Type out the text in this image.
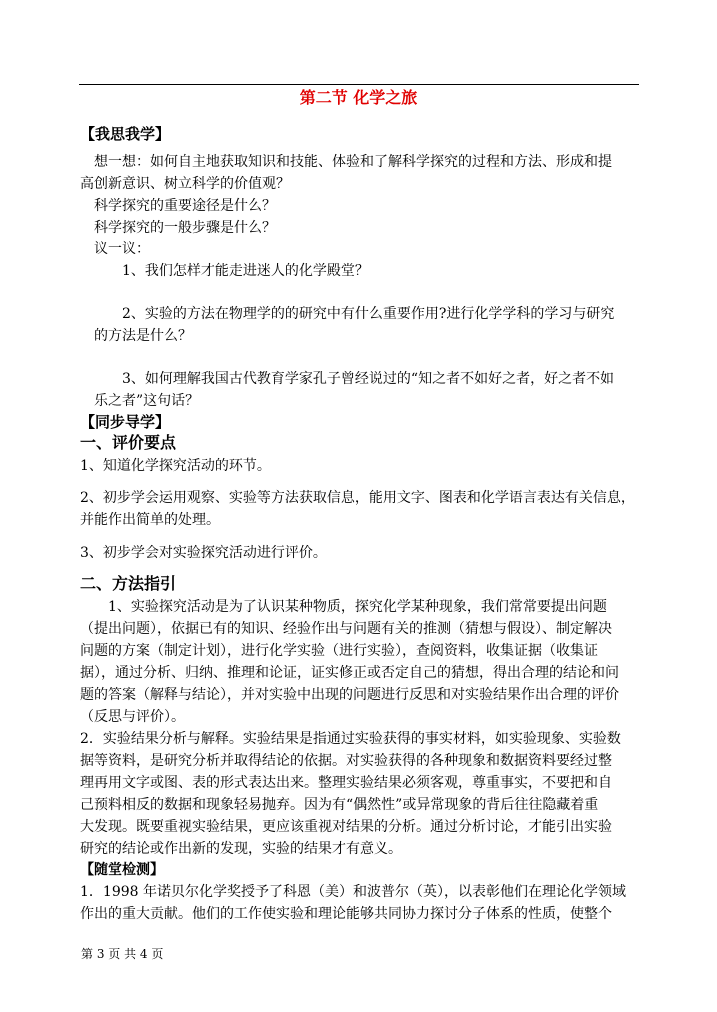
第二节 化学之旅
【我思我学】
想一想：如何自主地获取知识和技能、体验和了解科学探究的过程和方法、形成和提
高创新意识、树立科学的价值观？
科学探究的重要途径是什么？
科学探究的一般步骤是什么？
议一议：
1、我们怎样才能走进迷人的化学殿堂？
2、实验的方法在物理学的的研究中有什么重要作用?进行化学学科的学习与研究
的方法是什么？
3、如何理解我国古代教育学家孔子曾经说过的“知之者不如好之者，好之者不如
乐之者”这句话？
【同步导学】
一、评价要点
1、知道化学探究活动的环节。
2、初步学会运用观察、实验等方法获取信息，能用文字、图表和化学语言表达有关信息，
并能作出简单的处理。
3、初步学会对实验探究活动进行评价。
二、方法指引
1、实验探究活动是为了认识某种物质，探究化学某种现象，我们常常要提出问题
（提出问题），依据已有的知识、经验作出与问题有关的推测（猜想与假设）、制定解决
问题的方案（制定计划），进行化学实验（进行实验），查阅资料，收集证据（收集证
据），通过分析、归纳、推理和论证，证实修正或否定自己的猜想，得出合理的结论和问
题的答案（解释与结论），并对实验中出现的问题进行反思和对实验结果作出合理的评价
（反思与评价）。
2．实验结果分析与解释。实验结果是指通过实验获得的事实材料，如实验现象、实验数
据等资料，是研究分析并取得结论的依据。对实验获得的各种现象和数据资料要经过整
理再用文字或图、表的形式表达出来。整理实验结果必须客观，尊重事实，不要把和自
己预料相反的数据和现象轻易抛弃。因为有“偶然性”或异常现象的背后往往隐藏着重
大发现。既要重视实验结果，更应该重视对结果的分析。通过分析讨论，才能引出实验
研究的结论或作出新的发现，实验的结果才有意义。
【随堂检测】
1．1998 年诺贝尔化学奖授予了科恩（美）和波普尔（英），以表彰他们在理论化学领域
作出的重大贡献。他们的工作使实验和理论能够共同协力探讨分子体系的性质，使整个
第 3 页 共 4 页
